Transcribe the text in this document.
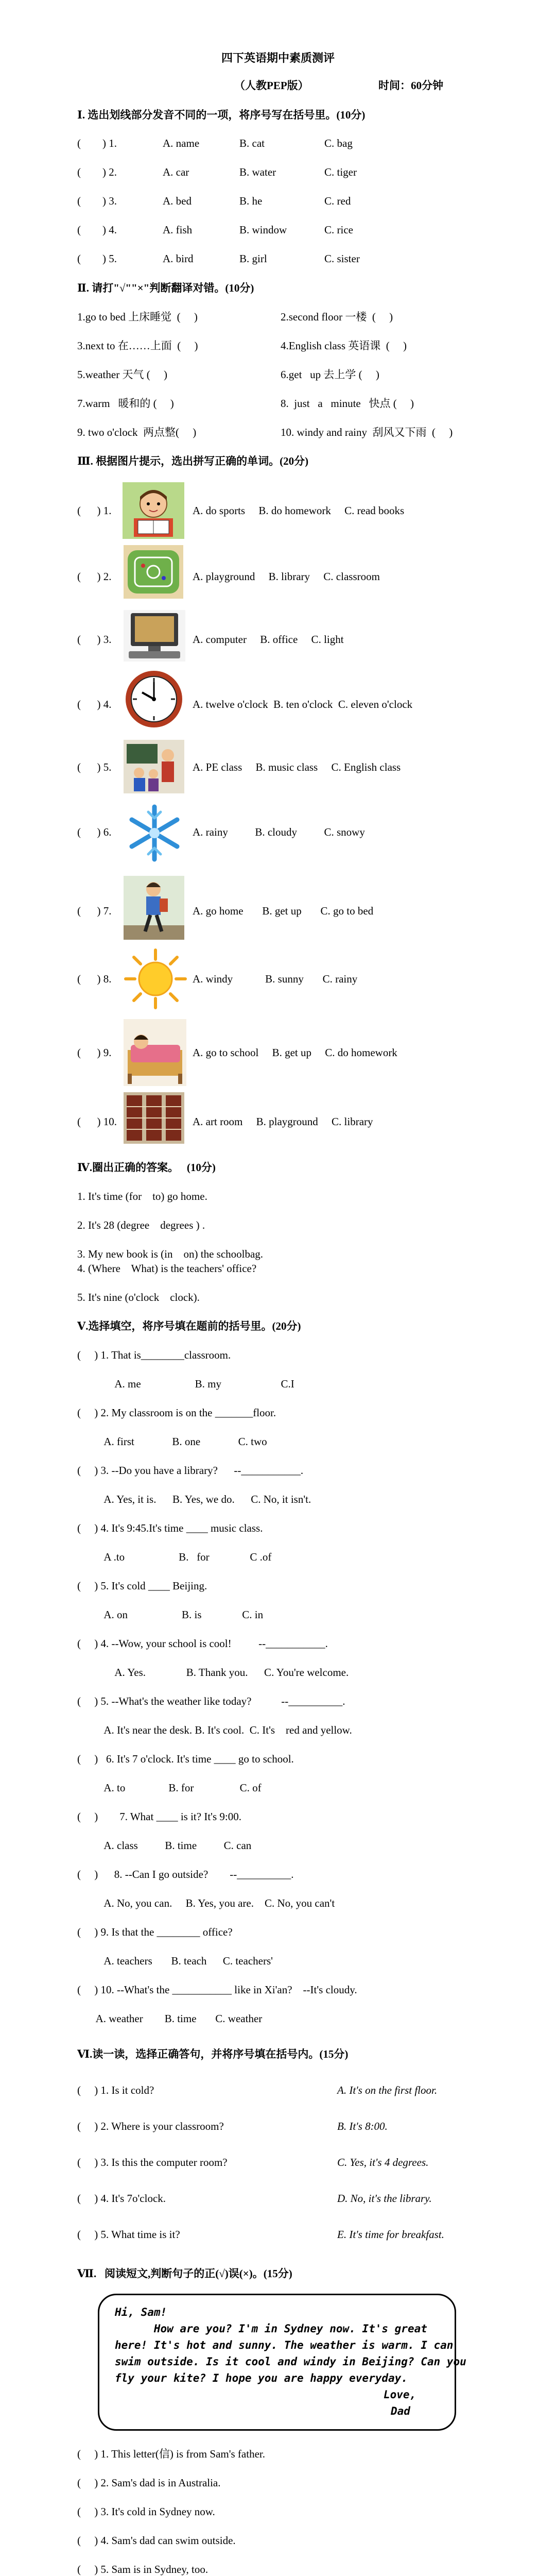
四下英语期中素质测评
（人教PEP版）	时间：60分钟
Ⅰ. 选出划线部分发音不同的一项，将序号写在括号里。(10分)
(        ) 1.	A. name	B. cat	C. bag
(        ) 2.	A. car	B. water	C. tiger
(        ) 3.	A. bed	B. he	C. red
(        ) 4.	A. fish	B. window	C. rice
(        ) 5.	A. bird	B. girl	C. sister
Ⅱ. 请打"√""×"判断翻译对错。(10分)
1.go to bed 上床睡觉  (     )	2.second floor 一楼  (     )
3.next to 在……上面  (     )	4.English class 英语课  (     )
5.weather 天气 (     )	6.get   up 去上学 (     )
7.warm   暖和的 (     )	8.  just   a   minute   快点 (     )
9. two o'clock  两点整(     )	10. windy and rainy  刮风又下雨  (     )
Ⅲ. 根据图片提示，选出拼写正确的单词。(20分)
(      ) 1.	A. do sports     B. do homework     C. read books
(      ) 2.	A. playground     B. library     C. classroom
(      ) 3.	A. computer     B. office     C. light
(      ) 4.	A. twelve o'clock  B. ten o'clock  C. eleven o'clock
(      ) 5.	A. PE class     B. music class     C. English class
(      ) 6.	A. rainy          B. cloudy          C. snowy
(      ) 7.	A. go home       B. get up       C. go to bed
(      ) 8.	A. windy            B. sunny       C. rainy
(      ) 9.	A. go to school     B. get up     C. do homework
(      ) 10.	A. art room     B. playground     C. library
Ⅳ.圈出正确的答案。   (10分)
1. It's time (for    to) go home.
2. It's 28 (degree    degrees ) .
3. My new book is (in    on) the schoolbag.
4. (Where    What) is the teachers' office?
5. It's nine (o'clock    clock).
Ⅴ.选择填空，将序号填在题前的括号里。(20分)
(     ) 1. That is________classroom.
A. me                    B. my                      C.I
(     ) 2. My classroom is on the _______floor.
A. first              B. one              C. two
(     ) 3. --Do you have a library?      --___________.
A. Yes, it is.      B. Yes, we do.      C. No, it isn't.
(     ) 4. It's 9:45.It's time ____ music class.
A .to                    B.   for               C .of
(     ) 5. It's cold ____ Beijing.
A. on                    B. is               C. in
(     ) 4. --Wow, your school is cool!          --___________.
A. Yes.               B. Thank you.      C. You're welcome.
(     ) 5. --What's the weather like today?           --__________.
A. It's near the desk. B. It's cool.  C. It's    red and yellow.
(     )   6. It's 7 o'clock. It's time ____ go to school.
A. to                B. for                 C. of
(     )        7. What ____ is it? It's 9:00.
A. class          B. time          C. can
(     )      8. --Can I go outside?        --__________.
A. No, you can.     B. Yes, you are.    C. No, you can't
(     ) 9. Is that the ________ office?
A. teachers       B. teach      C. teachers'
(     ) 10. --What's the ___________ like in Xi'an?    --It's cloudy.
A. weather        B. time       C. weather
Ⅵ.读一读，选择正确答句，并将序号填在括号内。(15分)
(     ) 1. Is it cold?	A. It's on the first floor.
(     ) 2. Where is your classroom?	B. It's 8:00.
(     ) 3. Is this the computer room?	C. Yes, it's 4 degrees.
(     ) 4. It's 7o'clock.	D. No, it's the library.
(     ) 5. What time is it?	E. It's time for breakfast.
Ⅶ.   阅读短文,判断句子的正(√)误(×)。(15分)
Hi, Sam!
How are you? I'm in Sydney now. It's great
here! It's hot and sunny. The weather is warm. I can
swim outside. Is it cool and windy in Beijing? Can you
fly your kite? I hope you are happy everyday.
Love,
Dad
(     ) 1. This letter(信) is from Sam's father.
(     ) 2. Sam's dad is in Australia.
(     ) 3. It's cold in Sydney now.
(     ) 4. Sam's dad can swim outside.
(     ) 5. Sam is in Sydney, too.
